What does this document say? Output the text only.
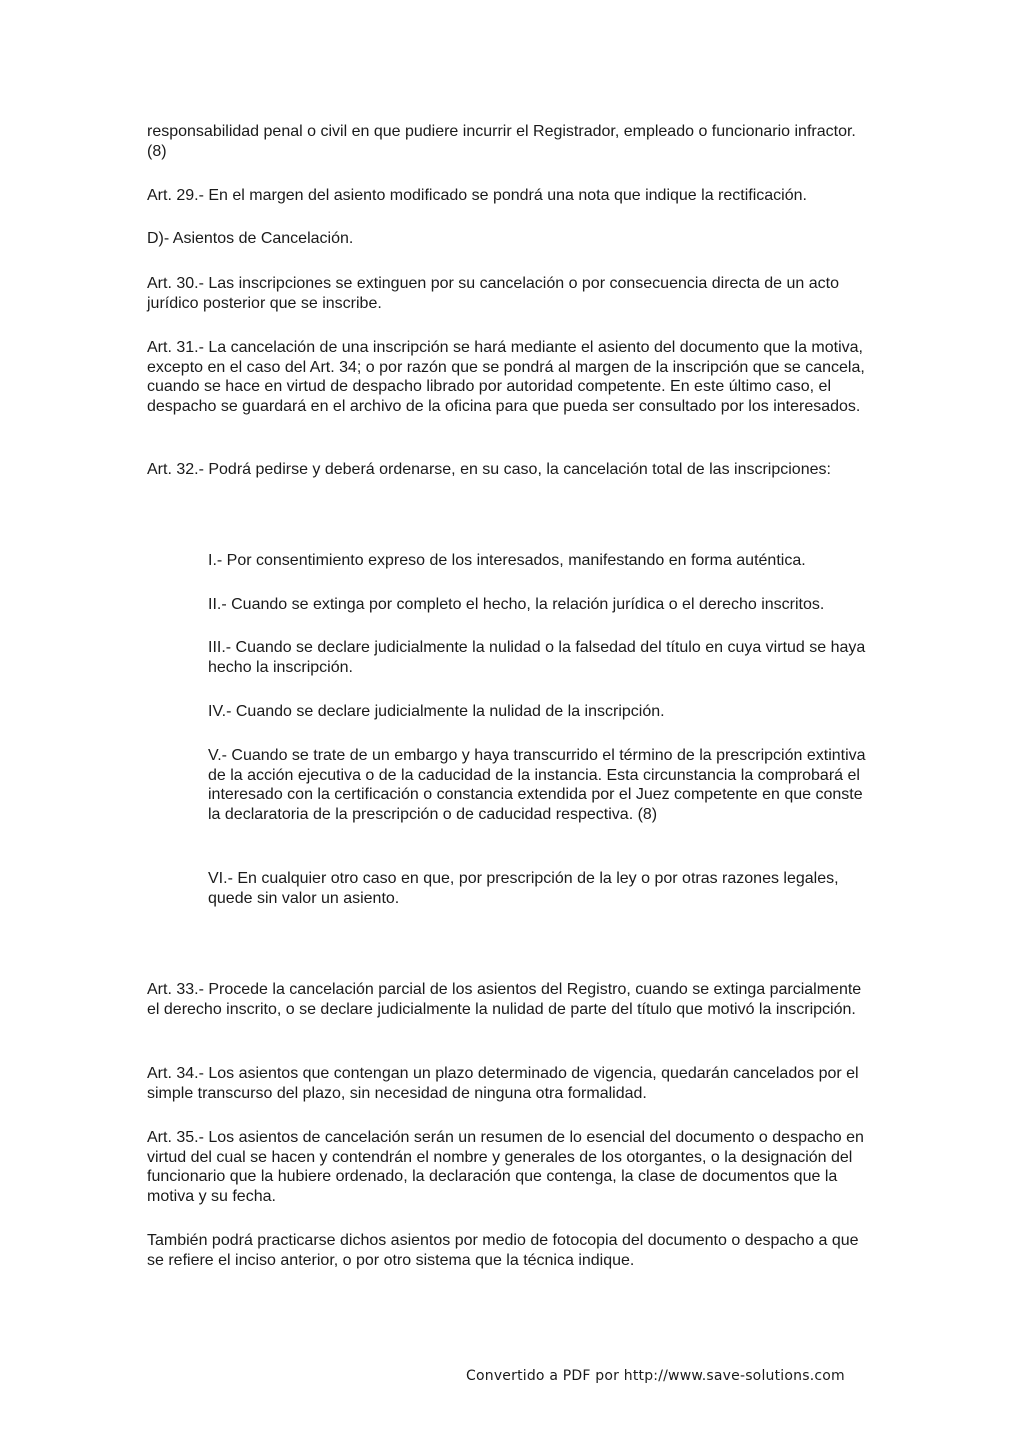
responsabilidad penal o civil en que pudiere incurrir el Registrador, empleado o funcionario infractor. (8)

Art. 29.- En el margen del asiento modificado se pondrá una nota que indique la rectificación.

D)- Asientos de Cancelación.

Art. 30.- Las inscripciones se extinguen por su cancelación o por consecuencia directa de un acto jurídico posterior que se inscribe.

Art. 31.- La cancelación de una inscripción se hará mediante el asiento del documento que la motiva, excepto en el caso del Art. 34; o por razón que se pondrá al margen de la inscripción que se cancela, cuando se hace en virtud de despacho librado por autoridad competente. En este último caso, el despacho se guardará en el archivo de la oficina para que pueda ser consultado por los interesados.

Art. 32.- Podrá pedirse y deberá ordenarse, en su caso, la cancelación total de las inscripciones:

I.- Por consentimiento expreso de los interesados, manifestando en forma auténtica.

II.- Cuando se extinga por completo el hecho, la relación jurídica o el derecho inscritos.

III.- Cuando se declare judicialmente la nulidad o la falsedad del título en cuya virtud se haya hecho la inscripción.

IV.- Cuando se declare judicialmente la nulidad de la inscripción.

V.- Cuando se trate de un embargo y haya transcurrido el término de la prescripción extintiva de la acción ejecutiva o de la caducidad de la instancia. Esta circunstancia la comprobará el interesado con la certificación o constancia extendida por el Juez competente en que conste la declaratoria de la prescripción o de caducidad respectiva. (8)

VI.- En cualquier otro caso en que, por prescripción de la ley o por otras razones legales, quede sin valor un asiento.

Art. 33.- Procede la cancelación parcial de los asientos del Registro, cuando se extinga parcialmente el derecho inscrito, o se declare judicialmente la nulidad de parte del título que motivó la inscripción.

Art. 34.- Los asientos que contengan un plazo determinado de vigencia, quedarán cancelados por el simple transcurso del plazo, sin necesidad de ninguna otra formalidad.

Art. 35.- Los asientos de cancelación serán un resumen de lo esencial del documento o despacho en virtud del cual se hacen y contendrán el nombre y generales de los otorgantes, o la designación del funcionario que la hubiere ordenado, la declaración que contenga, la clase de documentos que la motiva y su fecha.

También podrá practicarse dichos asientos por medio de fotocopia del documento o despacho a que se refiere el inciso anterior, o por otro sistema que la técnica indique.

Convertido a PDF por http://www.save-solutions.com
